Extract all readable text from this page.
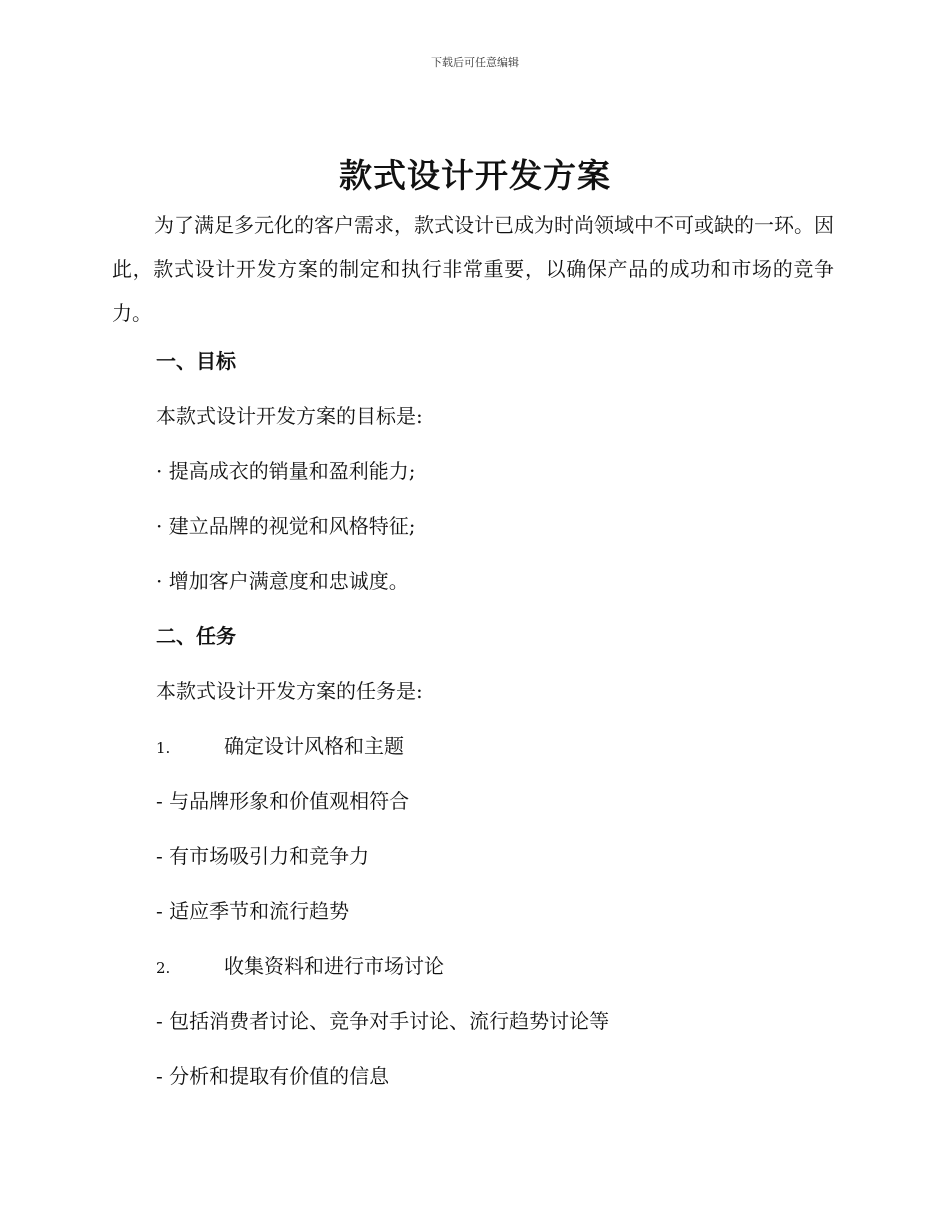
下载后可任意编辑
款式设计开发方案
为了满足多元化的客户需求，款式设计已成为时尚领域中不可或缺的一环。因此，款式设计开发方案的制定和执行非常重要，以确保产品的成功和市场的竞争力。
一、目标
本款式设计开发方案的目标是:
· 提高成衣的销量和盈利能力;
· 建立品牌的视觉和风格特征;
· 增加客户满意度和忠诚度。
二、任务
本款式设计开发方案的任务是:
1.	确定设计风格和主题
- 与品牌形象和价值观相符合
- 有市场吸引力和竞争力
- 适应季节和流行趋势
2.	收集资料和进行市场讨论
- 包括消费者讨论、竞争对手讨论、流行趋势讨论等
- 分析和提取有价值的信息
